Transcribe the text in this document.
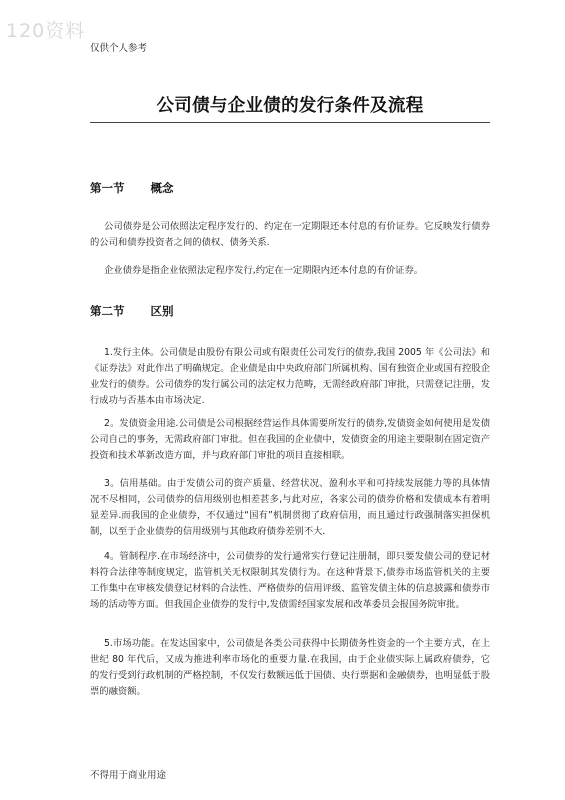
120资料
仅供个人参考
公司债与企业债的发行条件及流程
第一节 概念
公司债券是公司依照法定程序发行的、约定在一定期限还本付息的有价证券。它反映发行债券的公司和债券投资者之间的债权、债务关系.
企业债券是指企业依照法定程序发行,约定在一定期限内还本付息的有价证券。
第二节 区别
1.发行主体。公司债是由股份有限公司或有限责任公司发行的债券,我国 2005 年《公司法》和《证券法》对此作出了明确规定。企业债是由中央政府部门所属机构、国有独资企业或国有控股企业发行的债券。公司债券的发行属公司的法定权力范畴，无需经政府部门审批，只需登记注册，发行成功与否基本由市场决定.
2。发债资金用途.公司债是公司根据经营运作具体需要所发行的债券,发债资金如何使用是发债公司自己的事务，无需政府部门审批。但在我国的企业债中，发债资金的用途主要限制在固定资产投资和技术革新改造方面，并与政府部门审批的项目直接相联。
3。信用基础。由于发债公司的资产质量、经营状况、盈利水平和可持续发展能力等的具体情况不尽相同，公司债券的信用级别也相差甚多,与此对应，各家公司的债券价格和发债成本有着明显差异.而我国的企业债券，不仅通过“国有”机制贯彻了政府信用，而且通过行政强制落实担保机制，以至于企业债券的信用级别与其他政府债券差别不大.
4。管制程序.在市场经济中，公司债券的发行通常实行登记注册制，即只要发债公司的登记材料符合法律等制度规定，监管机关无权限制其发债行为。在这种背景下,债券市场监管机关的主要工作集中在审核发债登记材料的合法性、严格债券的信用评级、监管发债主体的信息披露和债券市场的活动等方面。但我国企业债券的发行中,发债需经国家发展和改革委员会报国务院审批。
5.市场功能。在发达国家中，公司债是各类公司获得中长期债务性资金的一个主要方式，在上世纪 80 年代后，又成为推进利率市场化的重要力量.在我国，由于企业债实际上属政府债券，它的发行受到行政机制的严格控制，不仅发行数额远低于国债、央行票据和金融债券，也明显低于股票的融资额。
不得用于商业用途
